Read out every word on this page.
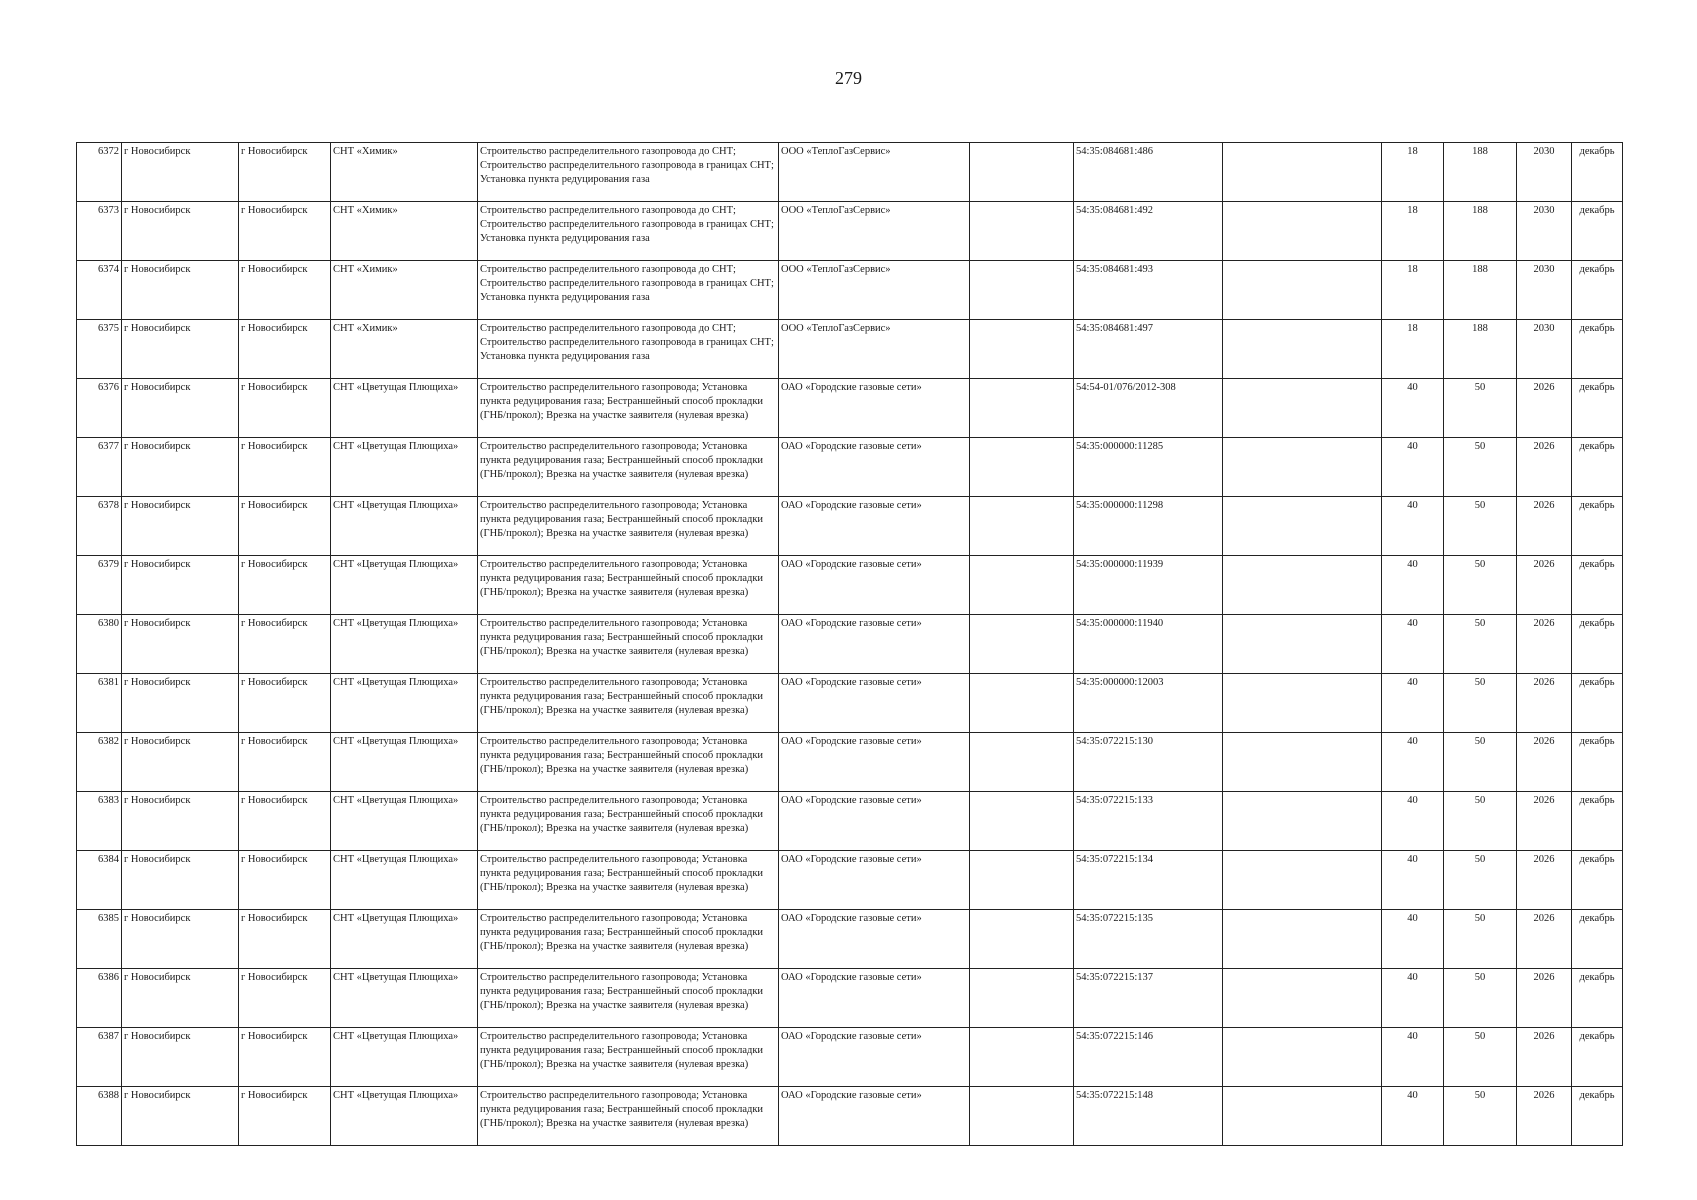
279
6372	г Новосибирск	г Новосибирск	СНТ «Химик»	Строительство распределительного газопровода до СНТ; Строительство распределительного газопровода в границах СНТ; Установка пункта редуцирования газа	ООО «ТеплоГазСервис»		54:35:084681:486		18	188	2030	декабрь
6373	г Новосибирск	г Новосибирск	СНТ «Химик»	Строительство распределительного газопровода до СНТ; Строительство распределительного газопровода в границах СНТ; Установка пункта редуцирования газа	ООО «ТеплоГазСервис»		54:35:084681:492		18	188	2030	декабрь
6374	г Новосибирск	г Новосибирск	СНТ «Химик»	Строительство распределительного газопровода до СНТ; Строительство распределительного газопровода в границах СНТ; Установка пункта редуцирования газа	ООО «ТеплоГазСервис»		54:35:084681:493		18	188	2030	декабрь
6375	г Новосибирск	г Новосибирск	СНТ «Химик»	Строительство распределительного газопровода до СНТ; Строительство распределительного газопровода в границах СНТ; Установка пункта редуцирования газа	ООО «ТеплоГазСервис»		54:35:084681:497		18	188	2030	декабрь
6376	г Новосибирск	г Новосибирск	СНТ «Цветущая Плющиха»	Строительство распределительного газопровода; Установка пункта редуцирования газа; Бестраншейный способ прокладки (ГНБ/прокол); Врезка на участке заявителя (нулевая врезка)	ОАО «Городские газовые сети»		54:54-01/076/2012-308		40	50	2026	декабрь
6377	г Новосибирск	г Новосибирск	СНТ «Цветущая Плющиха»	Строительство распределительного газопровода; Установка пункта редуцирования газа; Бестраншейный способ прокладки (ГНБ/прокол); Врезка на участке заявителя (нулевая врезка)	ОАО «Городские газовые сети»		54:35:000000:11285		40	50	2026	декабрь
6378	г Новосибирск	г Новосибирск	СНТ «Цветущая Плющиха»	Строительство распределительного газопровода; Установка пункта редуцирования газа; Бестраншейный способ прокладки (ГНБ/прокол); Врезка на участке заявителя (нулевая врезка)	ОАО «Городские газовые сети»		54:35:000000:11298		40	50	2026	декабрь
6379	г Новосибирск	г Новосибирск	СНТ «Цветущая Плющиха»	Строительство распределительного газопровода; Установка пункта редуцирования газа; Бестраншейный способ прокладки (ГНБ/прокол); Врезка на участке заявителя (нулевая врезка)	ОАО «Городские газовые сети»		54:35:000000:11939		40	50	2026	декабрь
6380	г Новосибирск	г Новосибирск	СНТ «Цветущая Плющиха»	Строительство распределительного газопровода; Установка пункта редуцирования газа; Бестраншейный способ прокладки (ГНБ/прокол); Врезка на участке заявителя (нулевая врезка)	ОАО «Городские газовые сети»		54:35:000000:11940		40	50	2026	декабрь
6381	г Новосибирск	г Новосибирск	СНТ «Цветущая Плющиха»	Строительство распределительного газопровода; Установка пункта редуцирования газа; Бестраншейный способ прокладки (ГНБ/прокол); Врезка на участке заявителя (нулевая врезка)	ОАО «Городские газовые сети»		54:35:000000:12003		40	50	2026	декабрь
6382	г Новосибирск	г Новосибирск	СНТ «Цветущая Плющиха»	Строительство распределительного газопровода; Установка пункта редуцирования газа; Бестраншейный способ прокладки (ГНБ/прокол); Врезка на участке заявителя (нулевая врезка)	ОАО «Городские газовые сети»		54:35:072215:130		40	50	2026	декабрь
6383	г Новосибирск	г Новосибирск	СНТ «Цветущая Плющиха»	Строительство распределительного газопровода; Установка пункта редуцирования газа; Бестраншейный способ прокладки (ГНБ/прокол); Врезка на участке заявителя (нулевая врезка)	ОАО «Городские газовые сети»		54:35:072215:133		40	50	2026	декабрь
6384	г Новосибирск	г Новосибирск	СНТ «Цветущая Плющиха»	Строительство распределительного газопровода; Установка пункта редуцирования газа; Бестраншейный способ прокладки (ГНБ/прокол); Врезка на участке заявителя (нулевая врезка)	ОАО «Городские газовые сети»		54:35:072215:134		40	50	2026	декабрь
6385	г Новосибирск	г Новосибирск	СНТ «Цветущая Плющиха»	Строительство распределительного газопровода; Установка пункта редуцирования газа; Бестраншейный способ прокладки (ГНБ/прокол); Врезка на участке заявителя (нулевая врезка)	ОАО «Городские газовые сети»		54:35:072215:135		40	50	2026	декабрь
6386	г Новосибирск	г Новосибирск	СНТ «Цветущая Плющиха»	Строительство распределительного газопровода; Установка пункта редуцирования газа; Бестраншейный способ прокладки (ГНБ/прокол); Врезка на участке заявителя (нулевая врезка)	ОАО «Городские газовые сети»		54:35:072215:137		40	50	2026	декабрь
6387	г Новосибирск	г Новосибирск	СНТ «Цветущая Плющиха»	Строительство распределительного газопровода; Установка пункта редуцирования газа; Бестраншейный способ прокладки (ГНБ/прокол); Врезка на участке заявителя (нулевая врезка)	ОАО «Городские газовые сети»		54:35:072215:146		40	50	2026	декабрь
6388	г Новосибирск	г Новосибирск	СНТ «Цветущая Плющиха»	Строительство распределительного газопровода; Установка пункта редуцирования газа; Бестраншейный способ прокладки (ГНБ/прокол); Врезка на участке заявителя (нулевая врезка)	ОАО «Городские газовые сети»		54:35:072215:148		40	50	2026	декабрь
